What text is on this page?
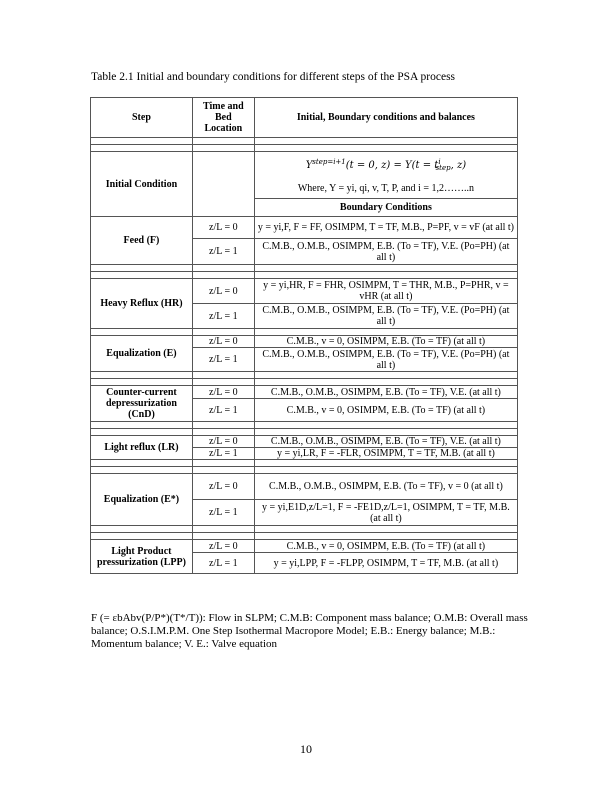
Table 2.1 Initial and boundary conditions for different steps of the PSA process
Step	Time and Bed Location	Initial, Boundary conditions and balances

Initial Condition		$Y^{step=i+1}(t = 0$, $z) = Y(t = t^i_{step}$, z)
Where, Y = yi, qi, v, T, P, and i = 1,2……..n

		Boundary Conditions
Feed (F)	z/L = 0	y = yi,F, F = FF, OSIMPM, T = TF, M.B., P=PF, v = vF (at all t)
	z/L = 1	C.M.B., O.M.B., OSIMPM, E.B. (To = TF), V.E. (Po=PH) (at all t)

Heavy Reflux (HR)	z/L = 0	y = yi,HR, F = FHR, OSIMPM, T = THR, M.B., P=PHR, v = vHR (at all t)
	z/L = 1	C.M.B., O.M.B., OSIMPM, E.B. (To = TF), V.E. (Po=PH) (at all t)

Equalization (E)	z/L = 0	C.M.B., v = 0, OSIMPM, E.B. (To = TF) (at all t)
	z/L = 1	C.M.B., O.M.B., OSIMPM, E.B. (To = TF), V.E. (Po=PH) (at all t)

Counter-current depressurization (CnD)	z/L = 0	C.M.B., O.M.B., OSIMPM, E.B. (To = TF), V.E. (at all t)
	z/L = 1	C.M.B., v = 0, OSIMPM, E.B. (To = TF) (at all t)

Light reflux (LR)	z/L = 0	C.M.B., O.M.B., OSIMPM, E.B. (To = TF), V.E. (at all t)
	z/L = 1	y = yi,LR, F = -FLR, OSIMPM, T = TF, M.B. (at all t)

Equalization (E*)	z/L = 0	C.M.B., O.M.B., OSIMPM, E.B. (To = TF), v = 0 (at all t)
	z/L = 1	y = yi,E1D,z/L=1, F = -FE1D,z/L=1, OSIMPM, T = TF, M.B. (at all t)

Light Product pressurization (LPP)	z/L = 0	C.M.B., v = 0, OSIMPM, E.B. (To = TF) (at all t)
	z/L = 1	y = yi,LPP, F = -FLPP, OSIMPM, T = TF, M.B. (at all t)
F (= εbAbv(P/P*)(T*/T)): Flow in SLPM; C.M.B: Component mass balance; O.M.B: Overall mass balance; O.S.I.M.P.M. One Step Isothermal Macropore Model; E.B.: Energy balance; M.B.: Momentum balance; V. E.: Valve equation
10
